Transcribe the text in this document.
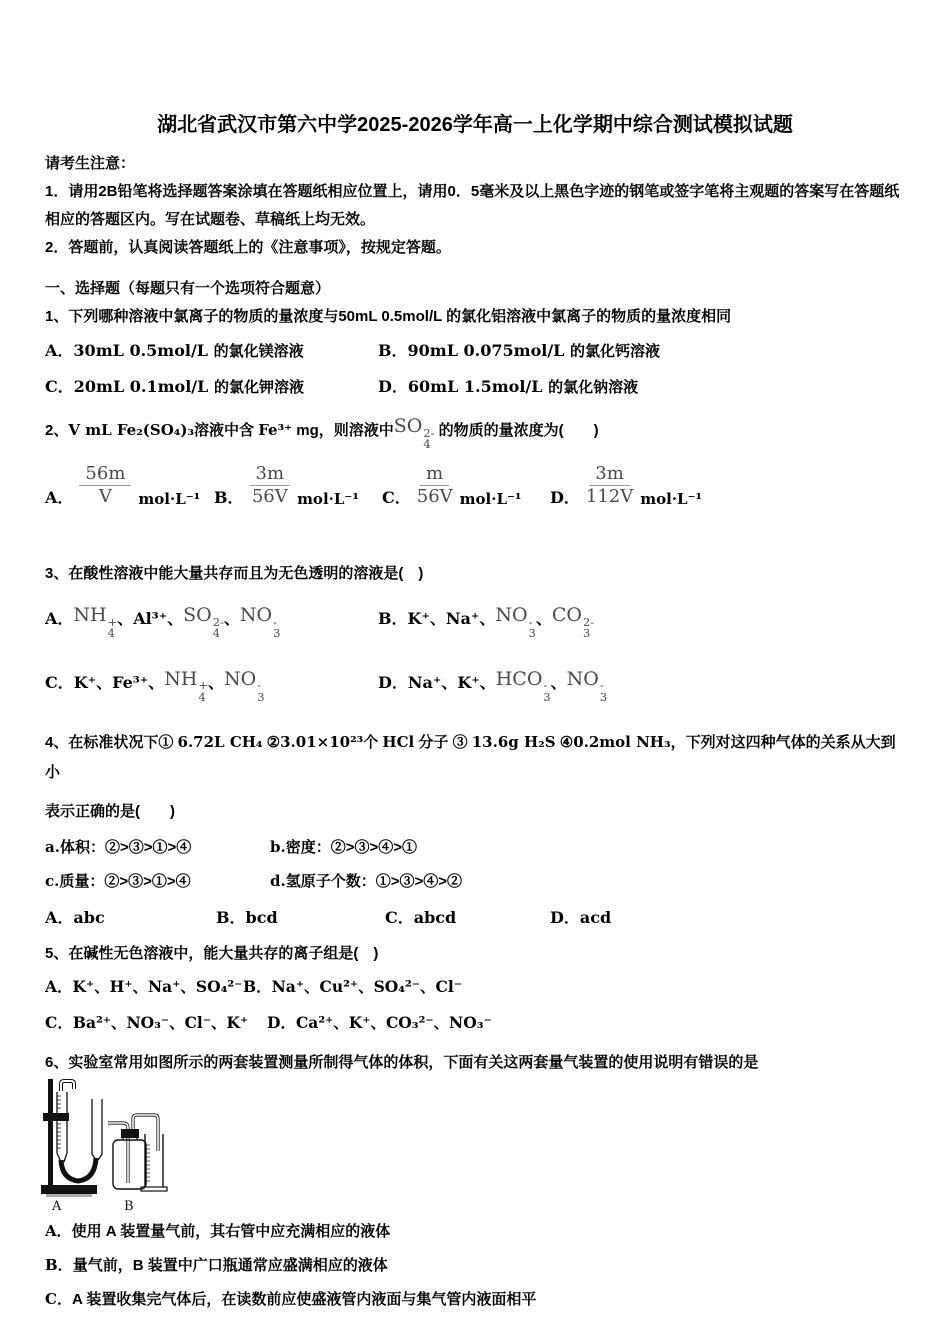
湖北省武汉市第六中学2025-2026学年高一上化学期中综合测试模拟试题

请考生注意：

1．请用2B铅笔将选择题答案涂填在答题纸相应位置上，请用0．5毫米及以上黑色字迹的钢笔或签字笔将主观题的答案写在答题纸相应的答题区内。写在试题卷、草稿纸上均无效。

2．答题前，认真阅读答题纸上的《注意事项》，按规定答题。

一、选择题（每题只有一个选项符合题意）

1、下列哪种溶液中氯离子的物质的量浓度与50mL 0.5mol/L 的氯化铝溶液中氯离子的物质的量浓度相同

A．30mL 0.5mol/L 的氯化镁溶液	B．90mL 0.075mol/L 的氯化钙溶液

C．20mL 0.1mol/L 的氯化钾溶液	D．60mL 1.5mol/L 的氯化钠溶液

2、V mL Fe₂(SO₄)₃溶液中含 Fe³⁺ mg，则溶液中SO 2-
4
的物质的量浓度为(　　)

A． $\frac{56m}{V} mol\cdot L^{-1}$ B． $\frac{3m}{56V} mol\cdot L^{-1}$ C． $\frac{m}{56V} mol\cdot L^{-1}$ D． $\frac{3m}{112V} mol\cdot L^{-1}$

3、在酸性溶液中能大量共存而且为无色透明的溶液是(　)

A．NH +
4
、Al³⁺、SO 2-
4
、NO -
3

B．K⁺、Na⁺、NO -
3
、CO 2-
3

C．K⁺、Fe³⁺、NH +
4
、NO -
3

D．Na⁺、K⁺、HCO -
3
、NO -
3

4、在标准状况下① 6.72L CH₄ ②3.01×10²³个 HCl 分子 ③ 13.6g H₂S ④0.2mol NH₃，下列对这四种气体的关系从大到小

表示正确的是(　　)

a.体积：②>③>①>④	b.密度：②>③>④>①

c.质量：②>③>①>④	d.氢原子个数：①>③>④>②

A．abc	B．bcd	C．abcd	D．acd

5、在碱性无色溶液中，能大量共存的离子组是(　)

A．K⁺、H⁺、Na⁺、SO₄²⁻ B．Na⁺、Cu²⁺、SO₄²⁻、Cl⁻

C．Ba²⁺、NO₃⁻、Cl⁻、K⁺	D．Ca²⁺、K⁺、CO₃²⁻、NO₃⁻

6、实验室常用如图所示的两套装置测量所制得气体的体积，下面有关这两套量气装置的使用说明有错误的是

A	B

A．使用 A 装置量气前，其右管中应充满相应的液体

B．量气前，B 装置中广口瓶通常应盛满相应的液体

C．A 装置收集完气体后，在读数前应使盛液管内液面与集气管内液面相平
